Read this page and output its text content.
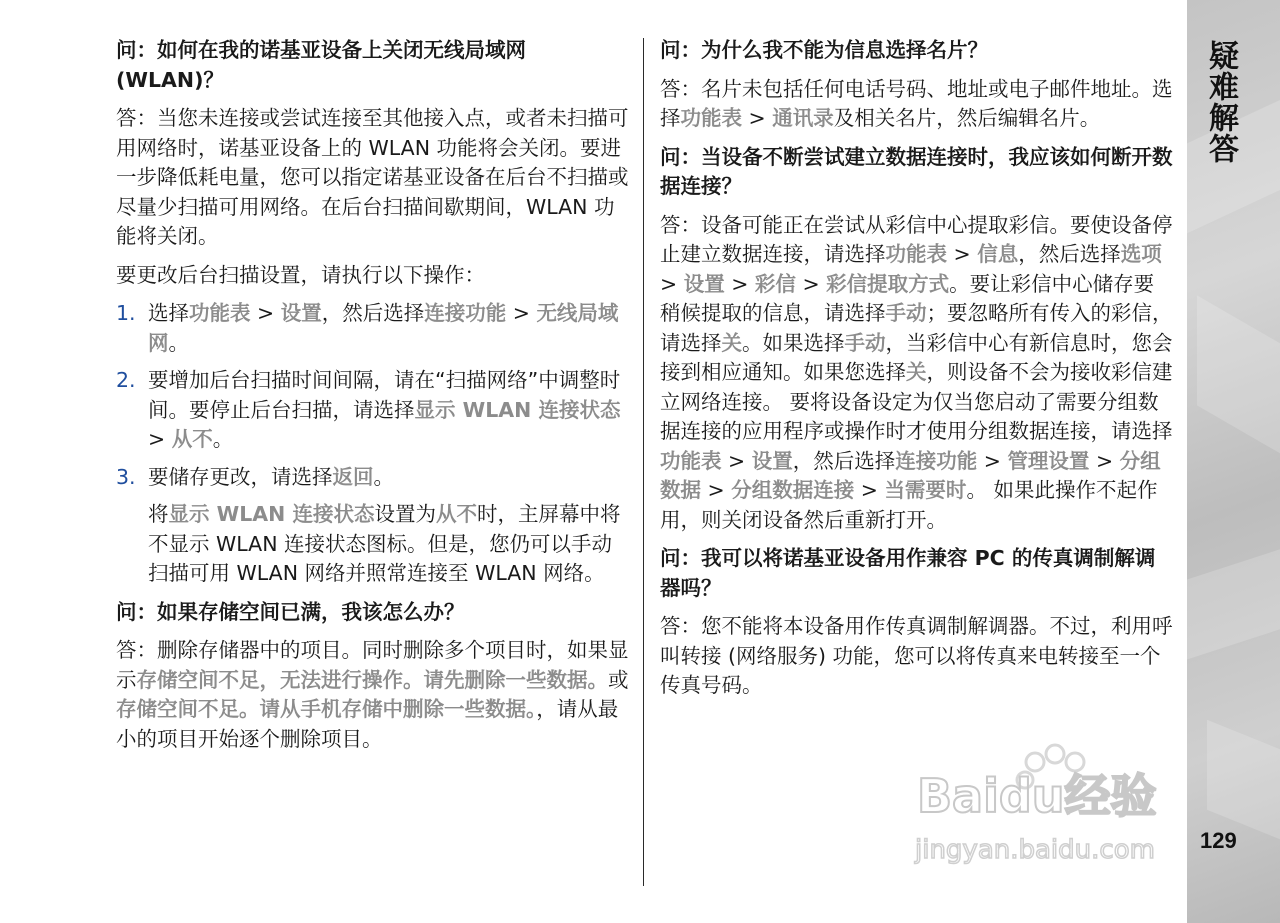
问：如何在我的诺基亚设备上关闭无线局域网 (WLAN)？

答：当您未连接或尝试连接至其他接入点，或者未扫描可用网络时，诺基亚设备上的 WLAN 功能将会关闭。要进一步降低耗电量，您可以指定诺基亚设备在后台不扫描或尽量少扫描可用网络。在后台扫描间歇期间，WLAN 功能将关闭。

要更改后台扫描设置，请执行以下操作：

1. 选择功能表 > 设置，然后选择连接功能 > 无线局域网。
2. 要增加后台扫描时间间隔，请在“扫描网络”中调整时间。要停止后台扫描，请选择显示 WLAN 连接状态 > 从不。
3. 要储存更改，请选择返回。

将显示 WLAN 连接状态设置为从不时，主屏幕中将不显示 WLAN 连接状态图标。但是，您仍可以手动扫描可用 WLAN 网络并照常连接至 WLAN 网络。

问：如果存储空间已满，我该怎么办？

答：删除存储器中的项目。同时删除多个项目时，如果显示存储空间不足，无法进行操作。请先删除一些数据。或存储空间不足。请从手机存储中删除一些数据。，请从最小的项目开始逐个删除项目。

问：为什么我不能为信息选择名片？

答：名片未包括任何电话号码、地址或电子邮件地址。选择功能表 > 通讯录及相关名片，然后编辑名片。

问：当设备不断尝试建立数据连接时，我应该如何断开数据连接？

答：设备可能正在尝试从彩信中心提取彩信。要使设备停止建立数据连接，请选择功能表 > 信息，然后选择选项 > 设置 > 彩信 > 彩信提取方式。要让彩信中心储存要稍候提取的信息，请选择手动；要忽略所有传入的彩信，请选择关。如果选择手动，当彩信中心有新信息时，您会接到相应通知。如果您选择关，则设备不会为接收彩信建立网络连接。 要将设备设定为仅当您启动了需要分组数据连接的应用程序或操作时才使用分组数据连接，请选择功能表 > 设置，然后选择连接功能 > 管理设置 > 分组数据 > 分组数据连接 > 当需要时。 如果此操作不起作用，则关闭设备然后重新打开。

问：我可以将诺基亚设备用作兼容 PC 的传真调制解调器吗？

答：您不能将本设备用作传真调制解调器。不过，利用呼叫转接 (网络服务) 功能，您可以将传真来电转接至一个传真号码。

疑难解答
129
Baidu经验
jingyan.baidu.com
